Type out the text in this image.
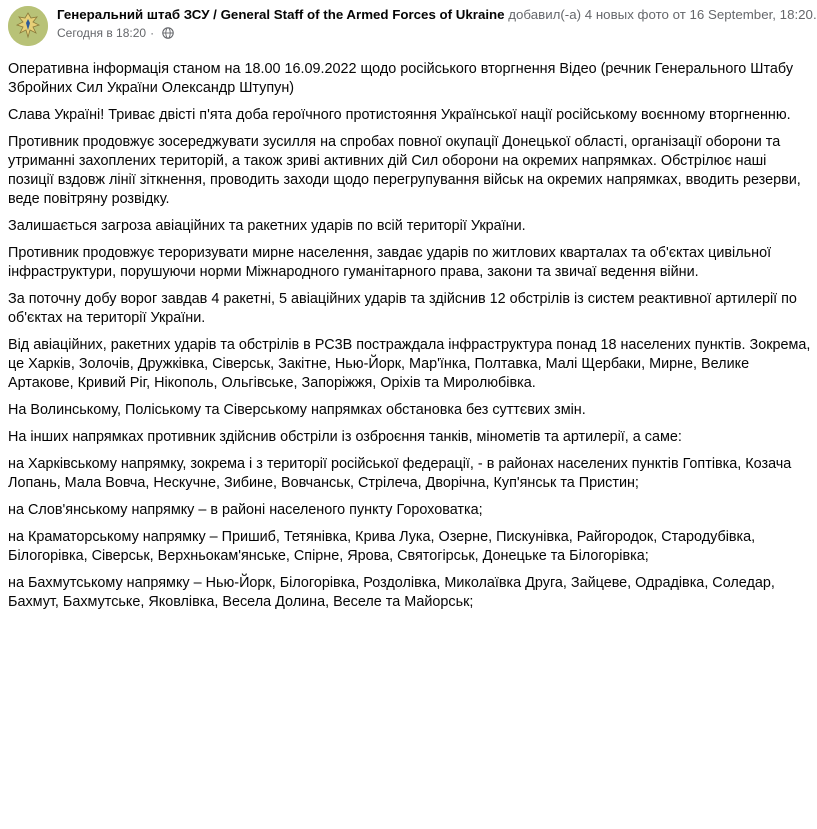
Генеральний штаб ЗСУ / General Staff of the Armed Forces of Ukraine добавил(-а) 4 новых фото от 16 September, 18:20.
Сегодня в 18:20 ·

Оперативна інформація станом на 18.00 16.09.2022 щодо російського вторгнення Відео (речник Генерального Штабу Збройних Сил України Олександр Штупун)

Слава Україні! Триває двісті п'ята доба героїчного протистояння Української нації російському воєнному вторгненню.

Противник продовжує зосереджувати зусилля на спробах повної окупації Донецької області, організації оборони та утриманні захоплених територій, а також зриві активних дій Сил оборони на окремих напрямках. Обстрілює наші позиції вздовж лінії зіткнення, проводить заходи щодо перегрупування військ на окремих напрямках, вводить резерви, веде повітряну розвідку.

Залишається загроза авіаційних та ракетних ударів по всій території України.

Противник продовжує тероризувати мирне населення, завдає ударів по житлових кварталах та об'єктах цивільної інфраструктури, порушуючи норми Міжнародного гуманітарного права, закони та звичаї ведення війни.

За поточну добу ворог завдав 4 ракетні, 5 авіаційних ударів та здійснив 12 обстрілів із систем реактивної артилерії по об'єктах на території України.

Від авіаційних, ракетних ударів та обстрілів в РС3В постраждала інфраструктура понад 18 населених пунктів. Зокрема, це Харків, Золочів, Дружківка, Сіверськ, Закітне, Нью-Йорк, Мар'їнка, Полтавка, Малі Щербаки, Мирне, Велике Артакове, Кривий Ріг, Нікополь, Ольгівське, Запоріжжя, Оріхів та Миролюбівка.

На Волинському, Поліському та Сіверському напрямках обстановка без суттєвих змін.

На інших напрямках противник здійснив обстріли із озброєння танків, мінометів та артилерії, а саме:

на Харківському напрямку, зокрема і з території російської федерації, - в районах населених пунктів Гоптівка, Козача Лопань, Мала Вовча, Нескучне, Зибине, Вовчанськ, Стрілеча, Дворічна, Куп'янськ та Пристин;

на Слов'янському напрямку – в районі населеного пункту Гороховатка;

на Краматорському напрямку – Пришиб, Тетянівка, Крива Лука, Озерне, Пискунівка, Райгородок, Стародубівка, Білогорівка, Сіверськ, Верхньокам'янське, Спірне, Ярова, Святогірськ, Донецьке та Білогорівка;

на Бахмутському напрямку – Нью-Йорк, Білогорівка, Роздолівка, Миколаївка Друга, Зайцеве, Одрадівка, Соледар, Бахмут, Бахмутське, Яковлівка, Весела Долина, Веселе та Майорськ;
